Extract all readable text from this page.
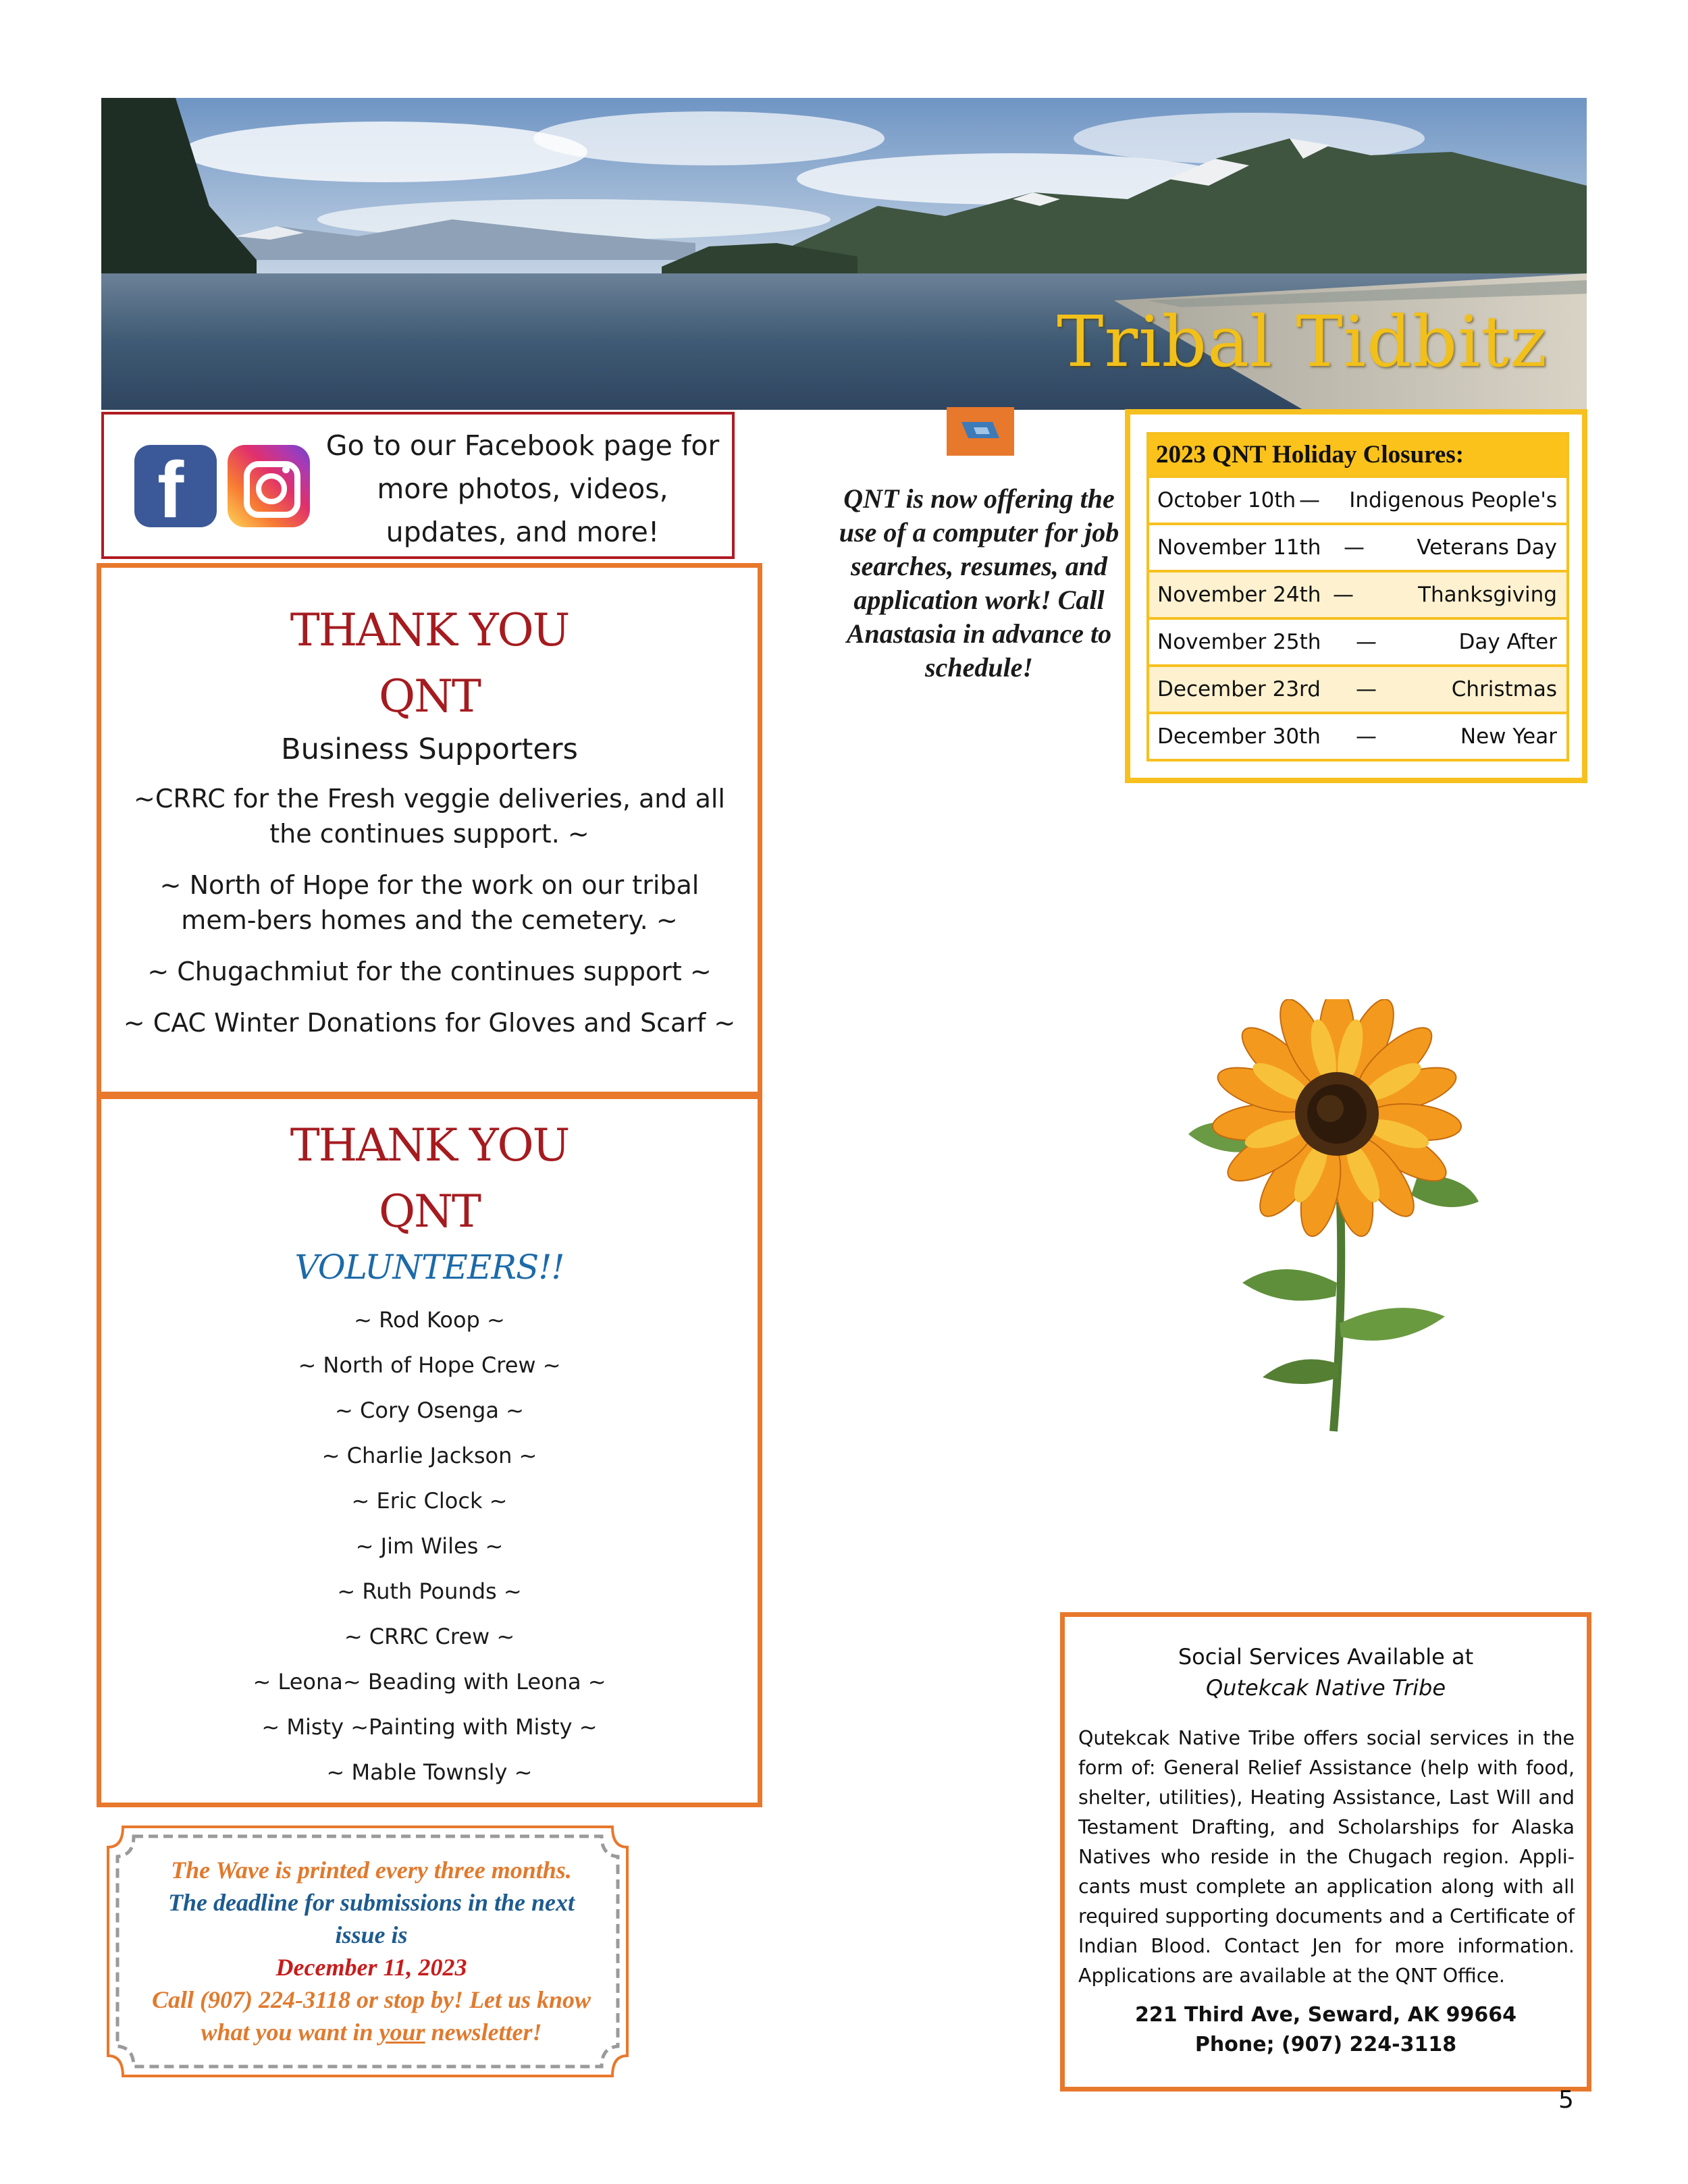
Tribal Tidbitz
f	Go to our Facebook page for more photos, videos, updates, and more!
THANK YOU
QNT
Business Supporters
~CRRC for the Fresh veggie deliveries, and all the continues support. ~
~ North of Hope for the work on our tribal mem-bers homes and the cemetery. ~
~ Chugachmiut for the continues support ~
~ CAC Winter Donations for Gloves and Scarf ~
THANK YOU
QNT
VOLUNTEERS!!
~ Rod Koop ~
~ North of Hope Crew ~
~ Cory Osenga ~
~ Charlie Jackson ~
~ Eric Clock ~
~ Jim Wiles ~
~ Ruth Pounds ~
~ CRRC Crew ~
~ Leona~ Beading with Leona ~
~ Misty ~Painting with Misty ~
~ Mable Townsly ~
The Wave is printed every three months.
The deadline for submissions in the next issue is
December 11, 2023
Call (907) 224-3118 or stop by! Let us know what you want in your newsletter!
QNT is now offering the use of a computer for job searches, resumes, and application work! Call Anastasia in advance to schedule!
2023 QNT Holiday Closures:
October 10th — Indigenous People's
November 11th — Veterans Day
November 24th —	Thanksgiving
November 25th —	Day After
December 23rd —	Christmas
December 30th —	New Year
Social Services Available at
Qutekcak Native Tribe
Qutekcak Native Tribe offers social services in the form of: General Relief Assistance (help with food, shelter, utilities), Heating Assistance, Last Will and Testament Drafting, and Scholarships for Alaska Natives who reside in the Chugach region. Appli-cants must complete an application along with all required supporting documents and a Certificate of Indian Blood. Contact Jen for more information. Applications are available at the QNT Office.
221 Third Ave, Seward, AK 99664
Phone; (907) 224-3118
5
